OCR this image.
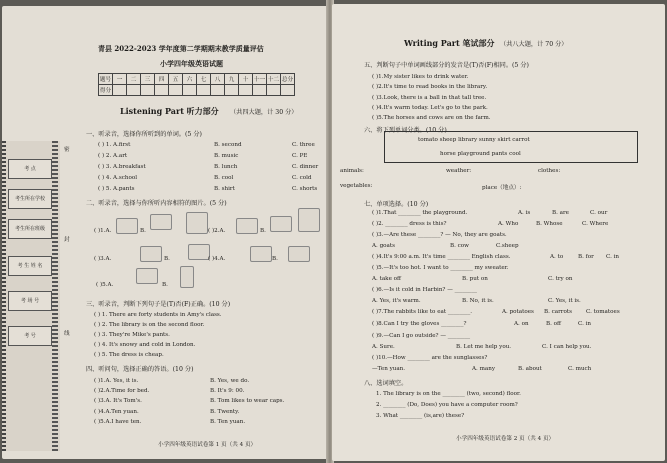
考 点
考生所在学校
考生所在班级
考 生 姓 名
考 场 号
考 号
密
封
线
青县 2022-2023 学年度第二学期期末教学质量评估
小学四年级英语试题
题号	一	二	三	四	五	六	七	八	九	十	十一	十二	总分
得分													
Listening Part 听力部分 （共四大题，计 30 分）
一、听录音，选择你所听到的单词。(5 分)
( ) 1. A.first	B. second	C. three
( ) 2. A.art	B. music	C. PE
( ) 3. A.breakfast	B. lunch	C. dinner
( ) 4. A.school	B. cool	C. cold
( ) 5. A.pants	B. shirt	C. shorts
二、听录音，选择与你所听内容相符的图片。(5 分)
( )1.A.	B.	( )2.A.	B.
( )3.A.	B.	( )4.A.	B.
( )5.A.	B.
三、听录音，判断下列句子是(T)否(F)正确。(10 分)
( ) 1. There are forty students in Amy's class.
( ) 2. The library is on the second floor.
( ) 3. They're Mike's pants.
( ) 4. It's snowy and cold in London.
( ) 5. The dress is cheap.
四、听问句，选择正确的答语。(10 分)
( )1.A. Yes, it is.	B. Yes, we do.
( )2.A.Time for bed.	B. It's 9: 00.
( )3.A. It's Tom's.	B. Tom likes to wear caps.
( )4.A.Ten yuan.	B. Twenty.
( )5.A.I have ten.	B. Ten yuan.
小学四年级英语试卷第 1 页（共 4 页）
Writing Part 笔试部分 （共八大题，计 70 分）
五、判断句子中单词画线部分的发音是(T)否(F)相同。(5 分)
( )1.My sister likes to drink water.
( )2.It's time to read books in the library.
( )3.Look, there is a ball in that tall tree.
( )4.It's warm today. Let's go to the park.
( )5.The horses and cows are on the farm.
六、将下列单词分类。(10 分)
tomato sheep library sunny skirt carrot
horse playground pants cool
animals:	weather:	clothes:
vegetables:	place（地点）:
七、单项选择。(10 分)
( )1.That ________ the playground.	A. is	B. are	C. our
( )2. ________ dress is this?	A. Who	B. Whose	C. Where
( )3.—Are these ________? — No, they are goats.
A. goats	B. cow	C.sheep
( )4.It's 9:00 a.m. It's time ________ English class.	A. to	B. for C. in
( )5.—It's too hot. I want to ________ my sweater.
A. take off	B. put on	C. try on
( )6.—Is it cold in Harbin? — ________
A. Yes, it's warm.	B. No, it is.	C. Yes, it is.
( )7.The rabbits like to eat ________.	A. potatoes B. carrots	C. tomatoes
( )8.Can I try the gloves ________?	A. on	B. off	C. in
( )9.—Can I go outside? — ________
A. Sure.	B. Let me help you.	C. I can help you.
( )10.—How ________ are the sunglasses?
—Ten yuan.	A. many	B. about	C. much
八、选词填空。
1. The library is on the ________ (two, second) floor.
2. ________ (Do, Does) you have a computer room?
3. What ________ (is,are) these?
小学四年级英语试卷第 2 页（共 4 页）
